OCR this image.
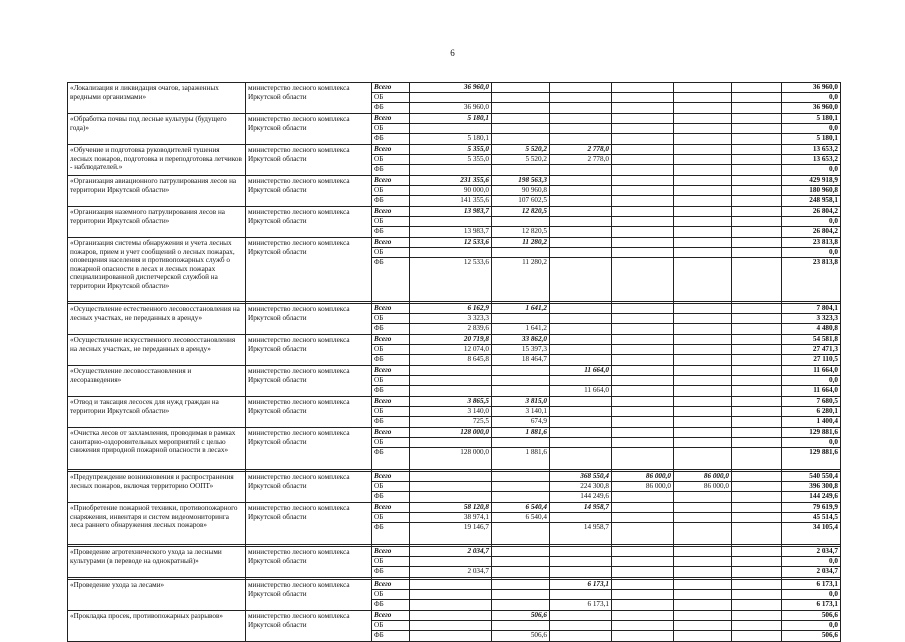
6
«Локализация и ликвидация очагов, зараженных вредными организмами»	министерство лесного комплекса Иркутской области	Всего	36 960,0						36 960,0
		ОБ							0,0
		ФБ	36 960,0						36 960,0
«Обработка почвы под лесные культуры (будущего года)»	министерство лесного комплекса Иркутской области	Всего	5 180,1						5 180,1
		ОБ							0,0
		ФБ	5 180,1						5 180,1
«Обучение и подготовка руководителей тушения лесных пожаров, подготовка и переподготовка летчиков - наблюдателей.»	министерство лесного комплекса Иркутской области	Всего	5 355,0	5 520,2	2 778,0				13 653,2
		ОБ	5 355,0	5 520,2	2 778,0				13 653,2
		ФБ							0,0
«Организация авиационного патрулирования лесов на территории Иркутской области»	министерство лесного комплекса Иркутской области	Всего	231 355,6	198 563,3					429 918,9
		ОБ	90 000,0	90 960,8					180 960,8
		ФБ	141 355,6	107 602,5					248 958,1
«Организация наземного патрулирования лесов на территории Иркутской области»	министерство лесного комплекса Иркутской области	Всего	13 983,7	12 820,5					26 804,2
		ОБ							0,0
		ФБ	13 983,7	12 820,5					26 804,2
«Организация системы обнаружения и учета лесных пожаров, прием и учет сообщений о лесных пожарах, оповещения населения и противопожарных служб о пожарной опасности в лесах и лесных пожарах специализированной диспетчерской службой на территории Иркутской области»	министерство лесного комплекса Иркутской области	Всего	12 533,6	11 280,2					23 813,8
		ОБ							0,0
		ФБ	12 533,6	11 280,2					23 813,8

«Осуществление естественного лесовосстановления на лесных участках, не переданных в аренду»	министерство лесного комплекса Иркутской области	Всего	6 162,9	1 641,2					7 804,1
		ОБ	3 323,3						3 323,3
		ФБ	2 839,6	1 641,2					4 480,8
«Осуществление искусственного лесовосстановления на лесных участках, не переданных в аренду»	министерство лесного комплекса Иркутской области	Всего	20 719,8	33 862,0					54 581,8
		ОБ	12 074,0	15 397,3					27 471,3
		ФБ	8 645,8	18 464,7					27 110,5
«Осуществление лесовосстановления и лесоразведения»	министерство лесного комплекса Иркутской области	Всего			11 664,0				11 664,0
		ОБ							0,0
		ФБ			11 664,0				11 664,0
«Отвод и таксация лесосек для нужд граждан на территории Иркутской области»	министерство лесного комплекса Иркутской области	Всего	3 865,5	3 815,0					7 680,5
		ОБ	3 140,0	3 140,1					6 280,1
		ФБ	725,5	674,9					1 400,4
«Очистка лесов от захламления, проводимая в рамках санитарно-оздоровительных мероприятий с целью снижения природной пожарной опасности в лесах»	министерство лесного комплекса Иркутской области	Всего	128 000,0	1 881,6					129 881,6
		ОБ							0,0
		ФБ	128 000,0	1 881,6					129 881,6

«Предупреждение возникновения и распространения лесных пожаров, включая территорию ООПТ»	министерство лесного комплекса Иркутской области	Всего			368 550,4	86 000,0	86 000,0		540 550,4
		ОБ			224 300,8	86 000,0	86 000,0		396 300,8
		ФБ			144 249,6				144 249,6
«Приобретение пожарной техники, противопожарного снаряжения, инвентаря и систем видеомониторинга леса раннего обнаружения лесных пожаров»	министерство лесного комплекса Иркутской области	Всего	58 120,8	6 540,4	14 958,7				79 619,9
		ОБ	38 974,1	6 540,4					45 514,5
		ФБ	19 146,7		14 958,7				34 105,4

«Проведение агротехнического ухода за лесными культурами (в переводе на однократный)»	министерство лесного комплекса Иркутской области	Всего	2 034,7						2 034,7
		ОБ							0,0
		ФБ	2 034,7						2 034,7

«Проведение ухода за лесами»	министерство лесного комплекса Иркутской области	Всего			6 173,1				6 173,1
		ОБ							0,0
		ФБ			6 173,1				6 173,1
«Прокладка просек, противопожарных разрывов»	министерство лесного комплекса Иркутской области	Всего		506,6					506,6
		ОБ							0,0
		ФБ		506,6					506,6
